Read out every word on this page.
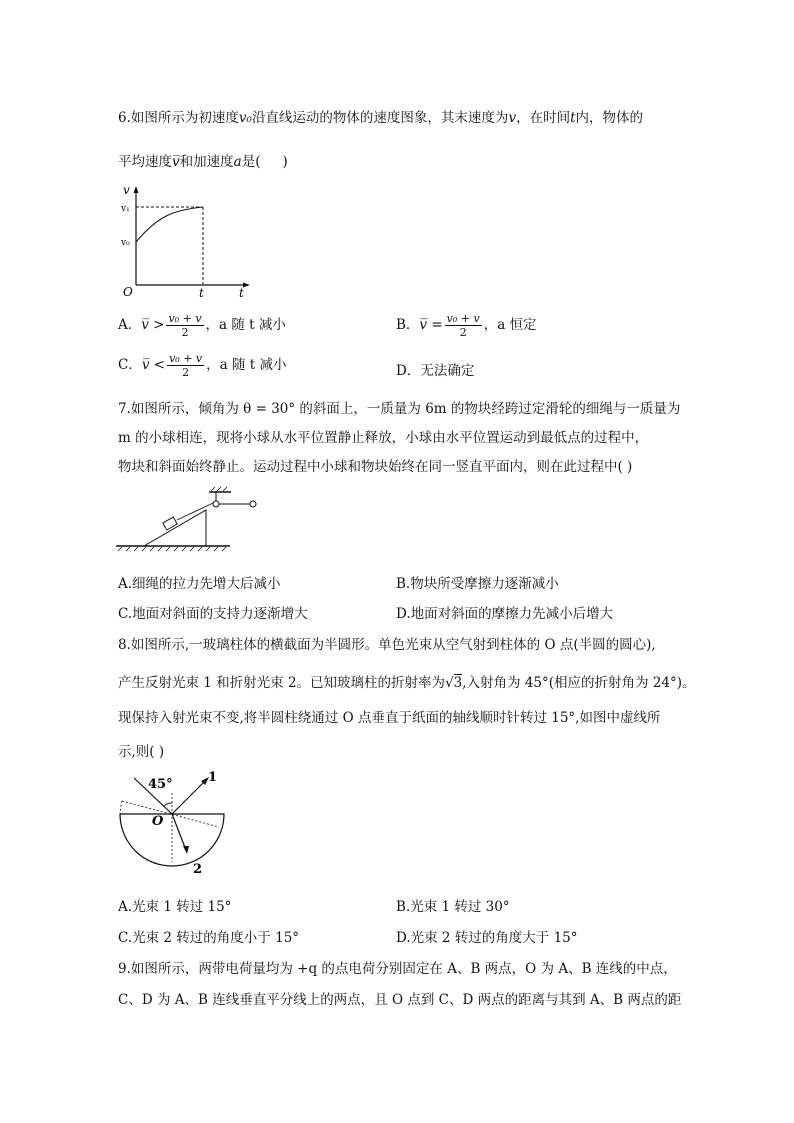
6.如图所示为初速度v₀沿直线运动的物体的速度图象，其末速度为v，在时间t内，物体的
平均速度v̅和加速度a是( )
v
v₁
v₀
O	t	t
A．v̅ > $\frac{\text{v₀ + v}}{2}$ ，a 随 t 减小	B．v̅ = $\frac{\text{v₀ + v}}{2}$ ，a 恒定
C．v̅ < $\frac{\text{v₀ + v}}{2}$ ，a 随 t 减小	D．无法确定
7.如图所示，倾角为 θ = 30° 的斜面上，一质量为 6m 的物块经跨过定滑轮的细绳与一质量为
m 的小球相连，现将小球从水平位置静止释放，小球由水平位置运动到最低点的过程中，
物块和斜面始终静止。运动过程中小球和物块始终在同一竖直平面内，则在此过程中( )
A.细绳的拉力先增大后减小	B.物块所受摩擦力逐渐减小
C.地面对斜面的支持力逐渐增大	D.地面对斜面的摩擦力先减小后增大
8.如图所示,一玻璃柱体的横截面为半圆形。单色光束从空气射到柱体的 O 点(半圆的圆心),
产生反射光束 1 和折射光束 2。已知玻璃柱的折射率为√3,入射角为 45°(相应的折射角为 24°)。
现保持入射光束不变,将半圆柱绕通过 O 点垂直于纸面的轴线顺时针转过 15°,如图中虚线所
示,则( )
45°	1
2
O
A.光束 1 转过 15°	B.光束 1 转过 30°
C.光束 2 转过的角度小于 15°	D.光束 2 转过的角度大于 15°
9.如图所示，两带电荷量均为 +q 的点电荷分别固定在 A、B 两点，O 为 A、B 连线的中点，
C、D 为 A、B 连线垂直平分线上的两点，且 O 点到 C、D 两点的距离与其到 A、B 两点的距
